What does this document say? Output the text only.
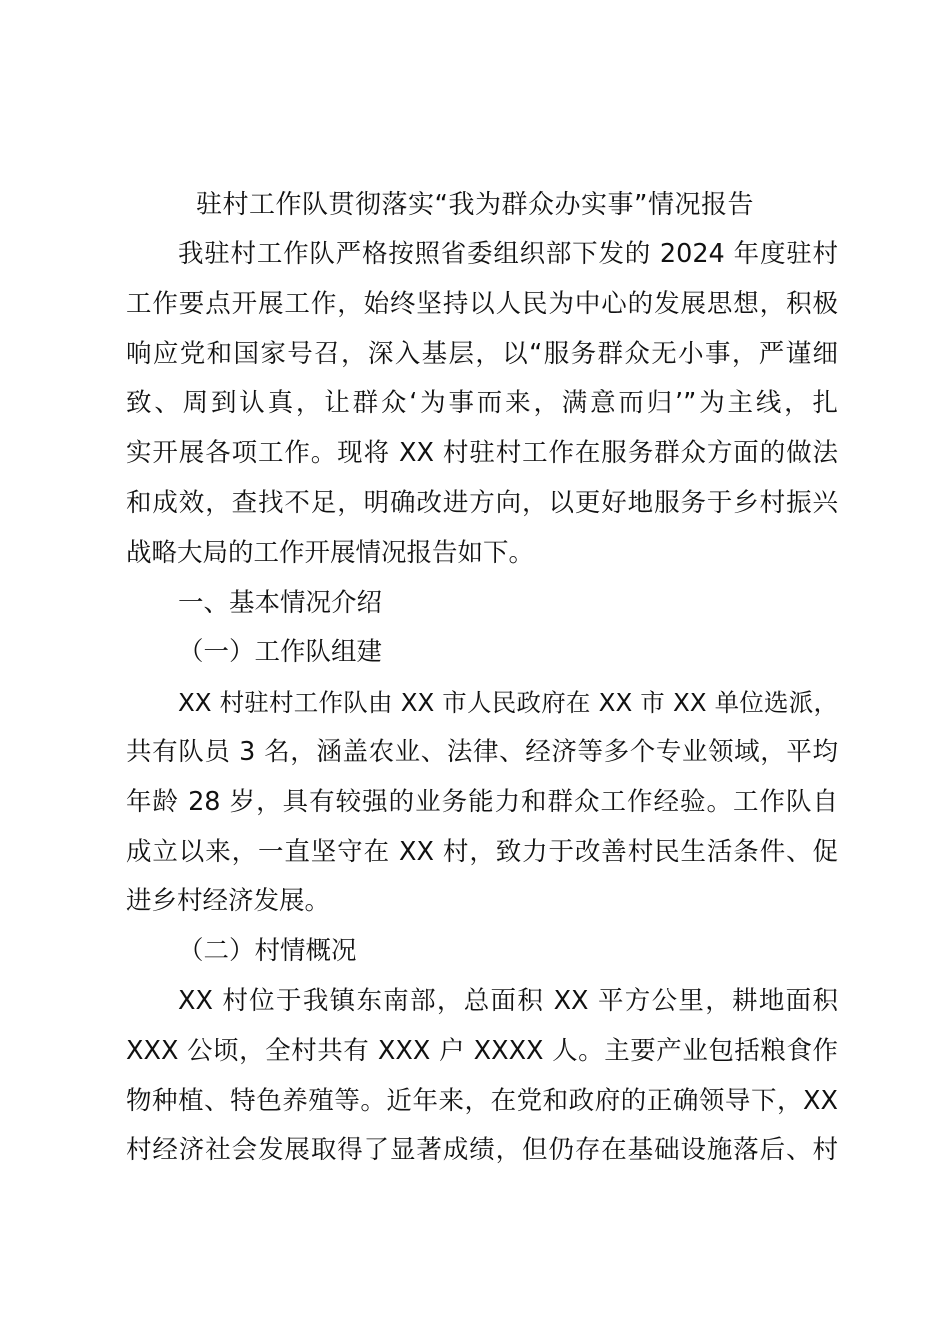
驻村工作队贯彻落实“我为群众办实事”情况报告
我驻村工作队严格按照省委组织部下发的 2024 年度驻村
工作要点开展工作，始终坚持以人民为中心的发展思想，积极
响应党和国家号召，深入基层，以“服务群众无小事，严谨细
致、周到认真，让群众‘为事而来，满意而归’”为主线，扎
实开展各项工作。现将 XX 村驻村工作在服务群众方面的做法
和成效，查找不足，明确改进方向，以更好地服务于乡村振兴
战略大局的工作开展情况报告如下。
一、基本情况介绍
（一）工作队组建
XX 村驻村工作队由 XX 市人民政府在 XX 市 XX 单位选派，
共有队员 3 名，涵盖农业、法律、经济等多个专业领域，平均
年龄 28 岁，具有较强的业务能力和群众工作经验。工作队自
成立以来，一直坚守在 XX 村，致力于改善村民生活条件、促
进乡村经济发展。
（二）村情概况
XX 村位于我镇东南部，总面积 XX 平方公里，耕地面积
XXX 公顷，全村共有 XXX 户 XXXX 人。主要产业包括粮食作
物种植、特色养殖等。近年来，在党和政府的正确领导下，XX
村经济社会发展取得了显著成绩，但仍存在基础设施落后、村
